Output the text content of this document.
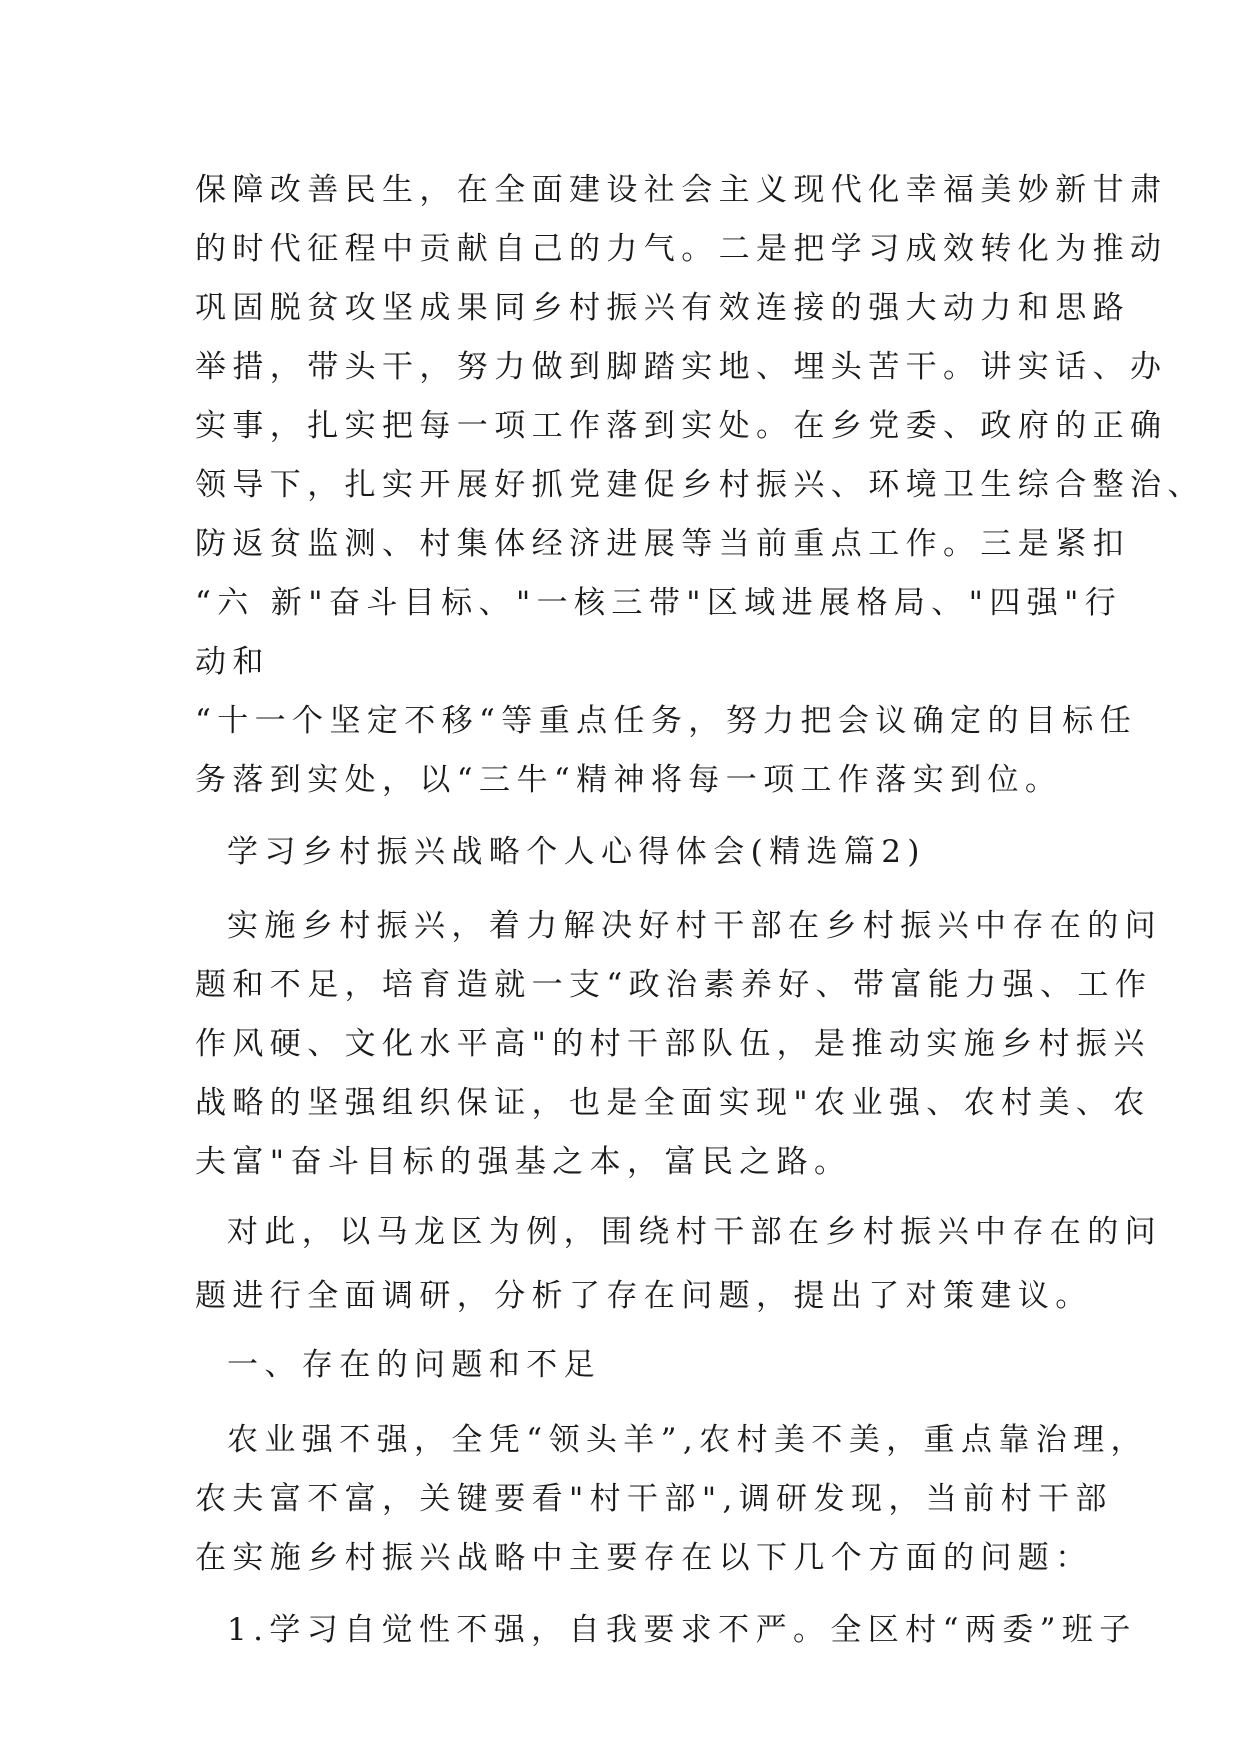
保障改善民生，在全面建设社会主义现代化幸福美妙新甘肃
的时代征程中贡献自己的力气。二是把学习成效转化为推动
巩固脱贫攻坚成果同乡村振兴有效连接的强大动力和思路
举措，带头干，努力做到脚踏实地、埋头苦干。讲实话、办
实事，扎实把每一项工作落到实处。在乡党委、政府的正确
领导下，扎实开展好抓党建促乡村振兴、环境卫生综合整治、
防返贫监测、村集体经济进展等当前重点工作。三是紧扣
“六 新"奋斗目标、"一核三带"区域进展格局、"四强"行
动和
“十一个坚定不移“等重点任务，努力把会议确定的目标任
务落到实处，以“三牛“精神将每一项工作落实到位。
学习乡村振兴战略个人心得体会(精选篇2)
实施乡村振兴，着力解决好村干部在乡村振兴中存在的问
题和不足，培育造就一支“政治素养好、带富能力强、工作
作风硬、文化水平高"的村干部队伍，是推动实施乡村振兴
战略的坚强组织保证，也是全面实现"农业强、农村美、农
夫富"奋斗目标的强基之本，富民之路。
对此，以马龙区为例，围绕村干部在乡村振兴中存在的问
题进行全面调研，分析了存在问题，提出了对策建议。
一、存在的问题和不足
农业强不强，全凭“领头羊”,农村美不美，重点靠治理，
农夫富不富，关键要看"村干部",调研发现，当前村干部
在实施乡村振兴战略中主要存在以下几个方面的问题：
1.学习自觉性不强，自我要求不严。全区村“两委”班子
